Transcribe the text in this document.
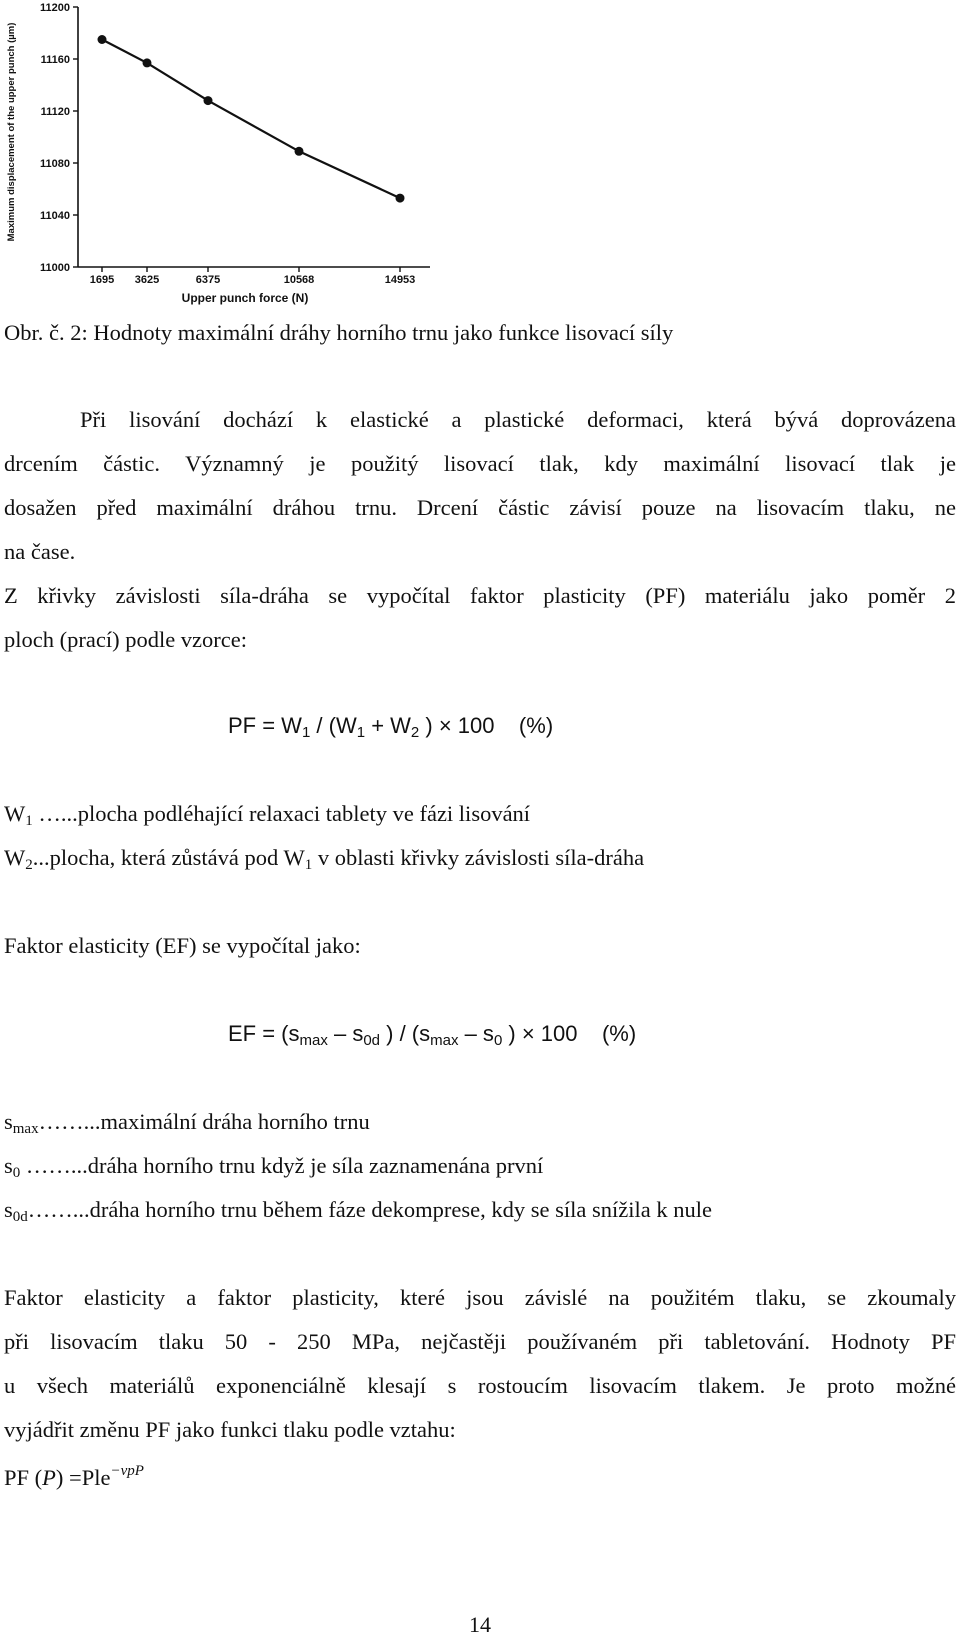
11000
11040
11080
11120
11160
11200
1695 3625	6375	10568	14953
Maximum displacement of the upper punch (µm)
Upper punch force (N)
Obr. č. 2: Hodnoty maximální dráhy horního trnu jako funkce lisovací síly
Při lisování dochází k elastické a plastické deformaci, která bývá doprovázena
drcením částic. Významný je použitý lisovací tlak, kdy maximální lisovací tlak je
dosažen před maximální dráhou trnu. Drcení částic závisí pouze na lisovacím tlaku, ne
na čase.
Z křivky závislosti síla-dráha se vypočítal faktor plasticity (PF) materiálu jako poměr 2
ploch (prací) podle vzorce:
PF = $W_1 / (W_1 + W_2$ ) × 100    (%)
$W_1$ …...plocha podléhající relaxaci tablety ve fázi lisování
$W_2...plocha$, která zůstává pod $W_1$ v oblasti křivky závislosti síla-dráha
Faktor elasticity (EF) se vypočítal jako:
EF = ($s_{max} - s_{0d}$ ) / ($s_{max} - s_0$ ) × 100    (%)
$s_{max}\dots\dots...maximá\ln í$ dráha horního trnu
$s_0$ ……...dráha horního trnu když je síla zaznamenána první
$s_{0d}\dots\dots...dráha$ horního trnu během fáze dekomprese, kdy se síla snížila k nule
Faktor elasticity a faktor plasticity, které jsou závislé na použitém tlaku, se zkoumaly
při lisovacím tlaku 50 - 250 MPa, nejčastěji používaném při tabletování. Hodnoty PF
u všech materiálů exponenciálně klesají s rostoucím lisovacím tlakem. Je proto možné
vyjádřit změnu PF jako funkci tlaku podle vztahu:
PF (P) =Ple$^{-\nu pP}$
14
